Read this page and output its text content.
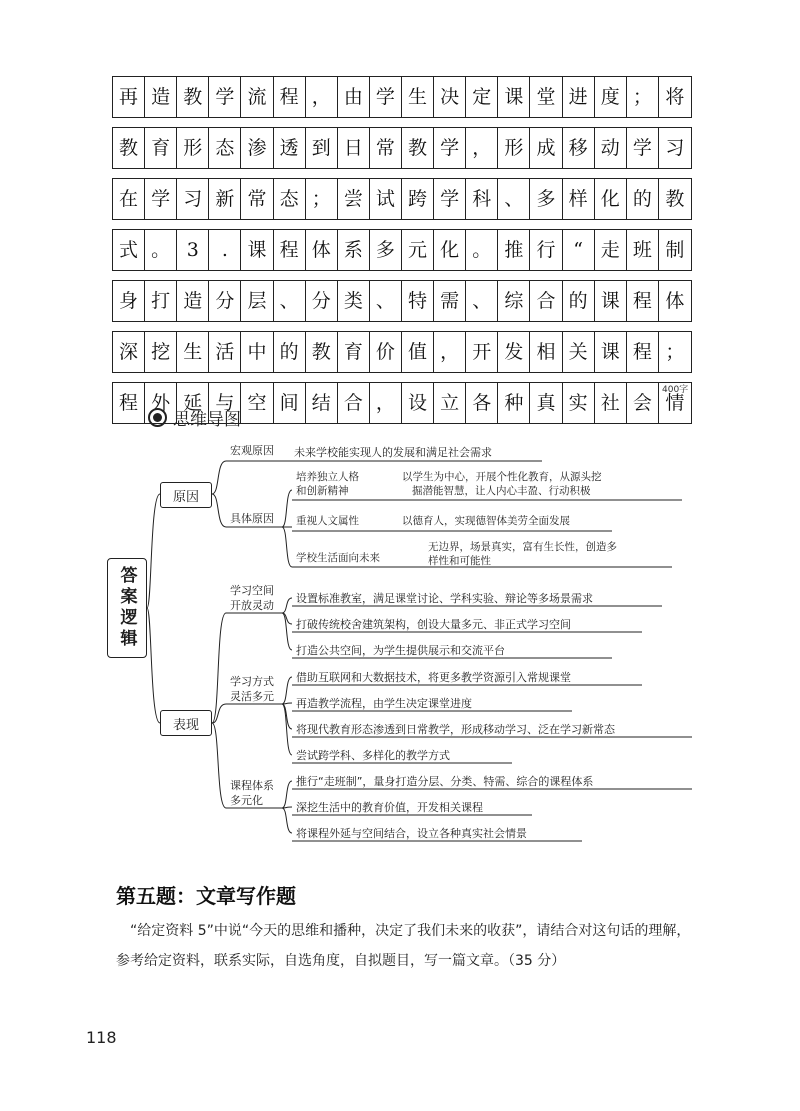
再 造 教 学 流 程 ， 由 学 生 决 定 课 堂 进 度 ； 将
教 育 形 态 渗 透 到 日 常 教 学 ， 形 成 移 动 学 习
在 学 习 新 常 态 ； 尝 试 跨 学 科 、 多 样 化 的 教
式 。 3	.	课 程 体 系 多 元 化 。 推 行 “ 走 班 制
身 打 造 分 层 、 分 类 、 特 需 、 综 合 的 课 程 体
深 挖 生 活 中 的 教 育 价 值 ， 开 发 相 关 课 程 ；
程 外 延 与 空 间 结 合 ， 设 立 各 种 真 实 社 会 情
400字
思维导图
答案逻辑
原因
表现
宏观原因 未来学校能实现人的发展和满足社会需求
具体原因
培养独立人格
和创新精神
以学生为中心，开展个性化教育，从源头挖
掘潜能智慧，让人内心丰盈、行动积极
重视人文属性	以德育人，实现德智体美劳全面发展
学校生活面向未来
无边界，场景真实，富有生长性，创造多
样性和可能性
学习空间
开放灵动
学习方式
灵活多元
课程体系
多元化
设置标准教室，满足课堂讨论、学科实验、辩论等多场景需求
打破传统校舍建筑架构，创设大量多元、非正式学习空间
打造公共空间，为学生提供展示和交流平台
借助互联网和大数据技术，将更多教学资源引入常规课堂
再造教学流程，由学生决定课堂进度
将现代教育形态渗透到日常教学，形成移动学习、泛在学习新常态
尝试跨学科、多样化的教学方式
推行“走班制”，量身打造分层、分类、特需、综合的课程体系
深挖生活中的教育价值，开发相关课程
将课程外延与空间结合，设立各种真实社会情景
第五题：文章写作题
“给定资料 5”中说“今天的思维和播种，决定了我们未来的收获”，请结合对这句话的理解，参考给定资料，联系实际，自选角度，自拟题目，写一篇文章。（35 分）
118
